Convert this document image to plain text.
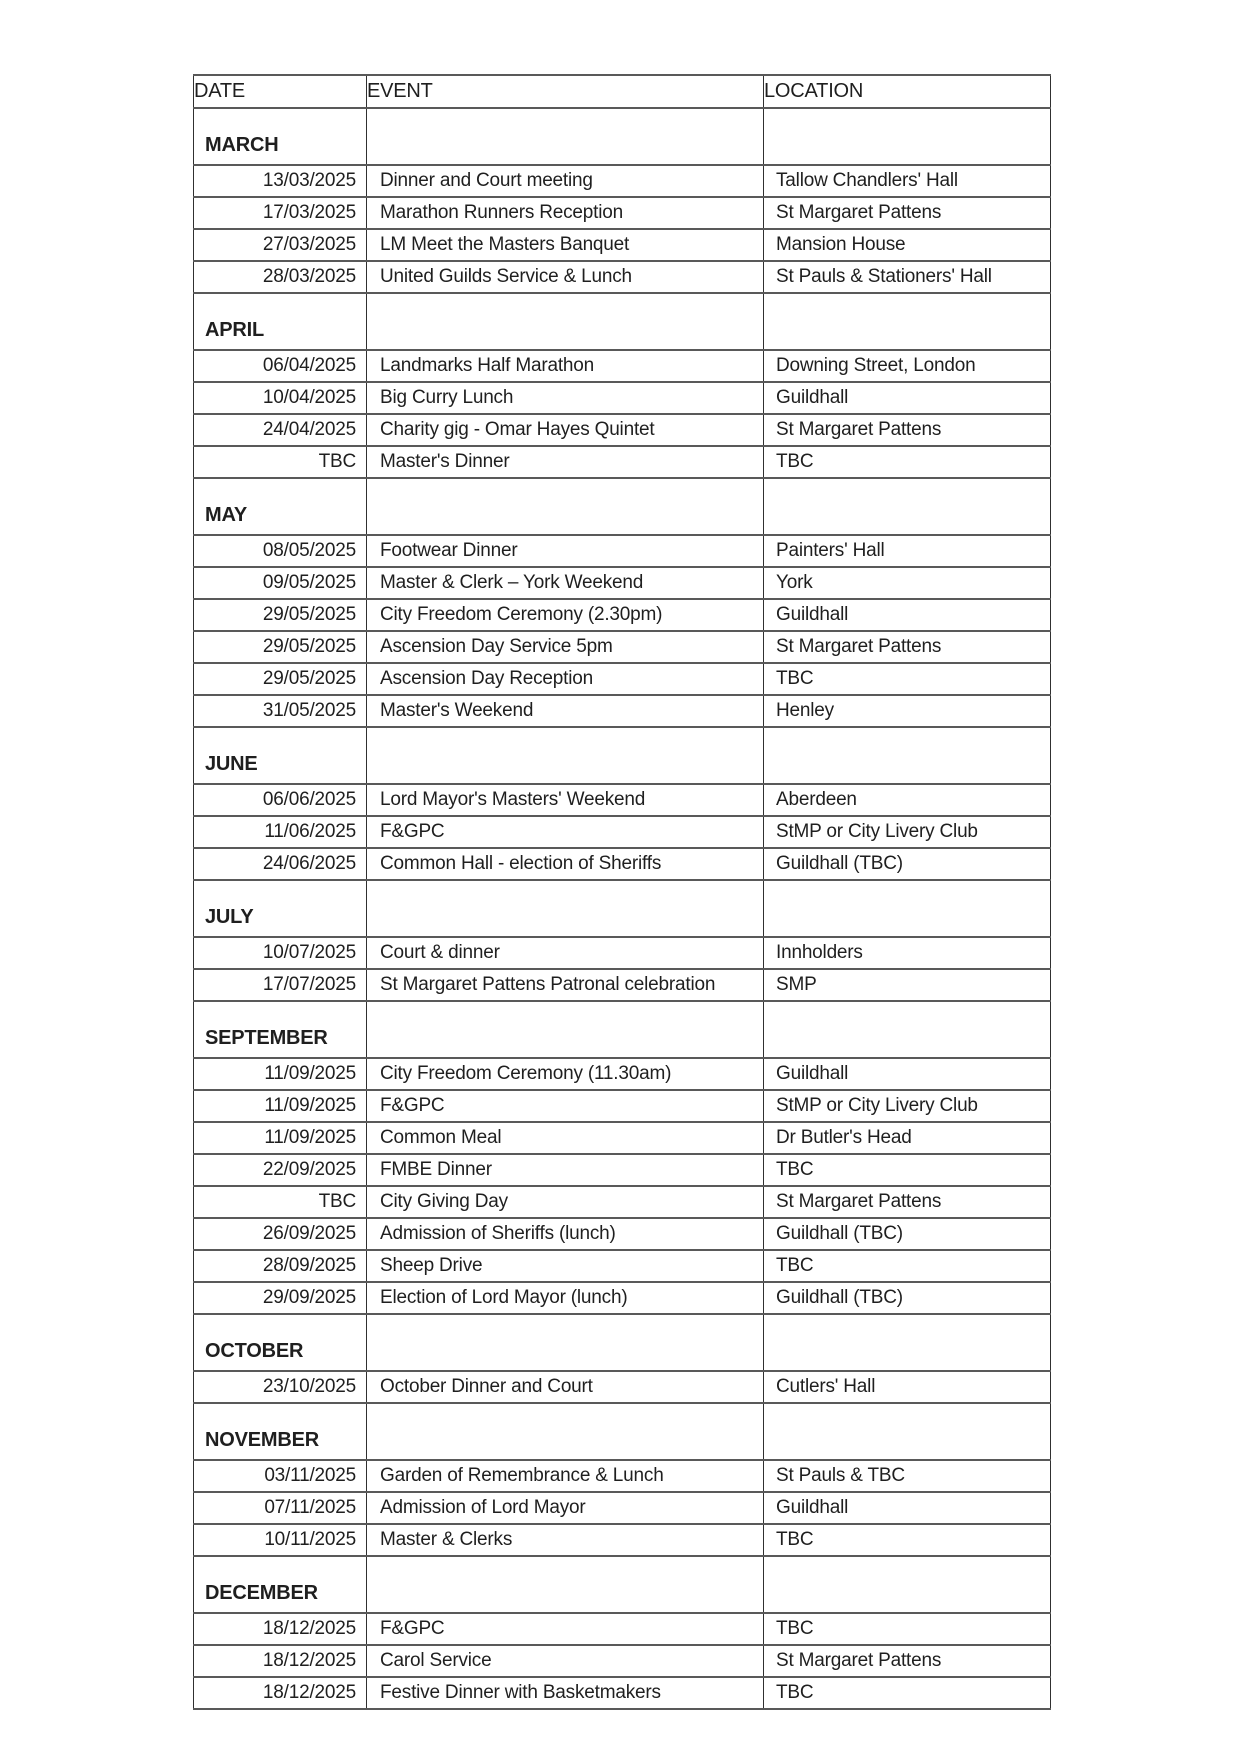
DATE	EVENT	LOCATION
MARCH		
13/03/2025	Dinner and Court meeting	Tallow Chandlers' Hall
17/03/2025	Marathon Runners Reception	St Margaret Pattens
27/03/2025	LM Meet the Masters Banquet	Mansion House
28/03/2025	United Guilds Service & Lunch	St Pauls & Stationers' Hall
APRIL		
06/04/2025	Landmarks Half Marathon	Downing Street, London
10/04/2025	Big Curry Lunch	Guildhall
24/04/2025	Charity gig - Omar Hayes Quintet	St Margaret Pattens
TBC	Master's Dinner	TBC
MAY		
08/05/2025	Footwear Dinner	Painters' Hall
09/05/2025	Master & Clerk – York Weekend	York
29/05/2025	City Freedom Ceremony (2.30pm)	Guildhall
29/05/2025	Ascension Day Service 5pm	St Margaret Pattens
29/05/2025	Ascension Day Reception	TBC
31/05/2025	Master's Weekend	Henley
JUNE		
06/06/2025	Lord Mayor's Masters' Weekend	Aberdeen
11/06/2025	F&GPC	StMP or City Livery Club
24/06/2025	Common Hall - election of Sheriffs	Guildhall (TBC)
JULY		
10/07/2025	Court & dinner	Innholders
17/07/2025	St Margaret Pattens Patronal celebration	SMP
SEPTEMBER		
11/09/2025	City Freedom Ceremony (11.30am)	Guildhall
11/09/2025	F&GPC	StMP or City Livery Club
11/09/2025	Common Meal	Dr Butler's Head
22/09/2025	FMBE Dinner	TBC
TBC	City Giving Day	St Margaret Pattens
26/09/2025	Admission of Sheriffs (lunch)	Guildhall (TBC)
28/09/2025	Sheep Drive	TBC
29/09/2025	Election of Lord Mayor (lunch)	Guildhall (TBC)
OCTOBER		
23/10/2025	October Dinner and Court	Cutlers' Hall
NOVEMBER		
03/11/2025	Garden of Remembrance & Lunch	St Pauls & TBC
07/11/2025	Admission of Lord Mayor	Guildhall
10/11/2025	Master & Clerks	TBC
DECEMBER		
18/12/2025	F&GPC	TBC
18/12/2025	Carol Service	St Margaret Pattens
18/12/2025	Festive Dinner with Basketmakers	TBC
